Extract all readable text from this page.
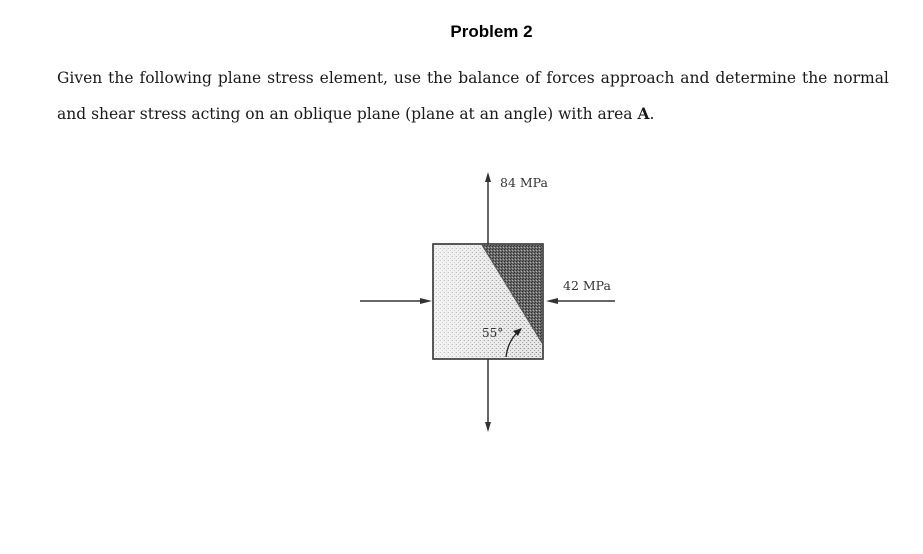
Problem 2
Given the following plane stress element, use the balance of forces approach and determine the normal
and shear stress acting on an oblique plane (plane at an angle) with area A.
84 MPa
42 MPa
55°
